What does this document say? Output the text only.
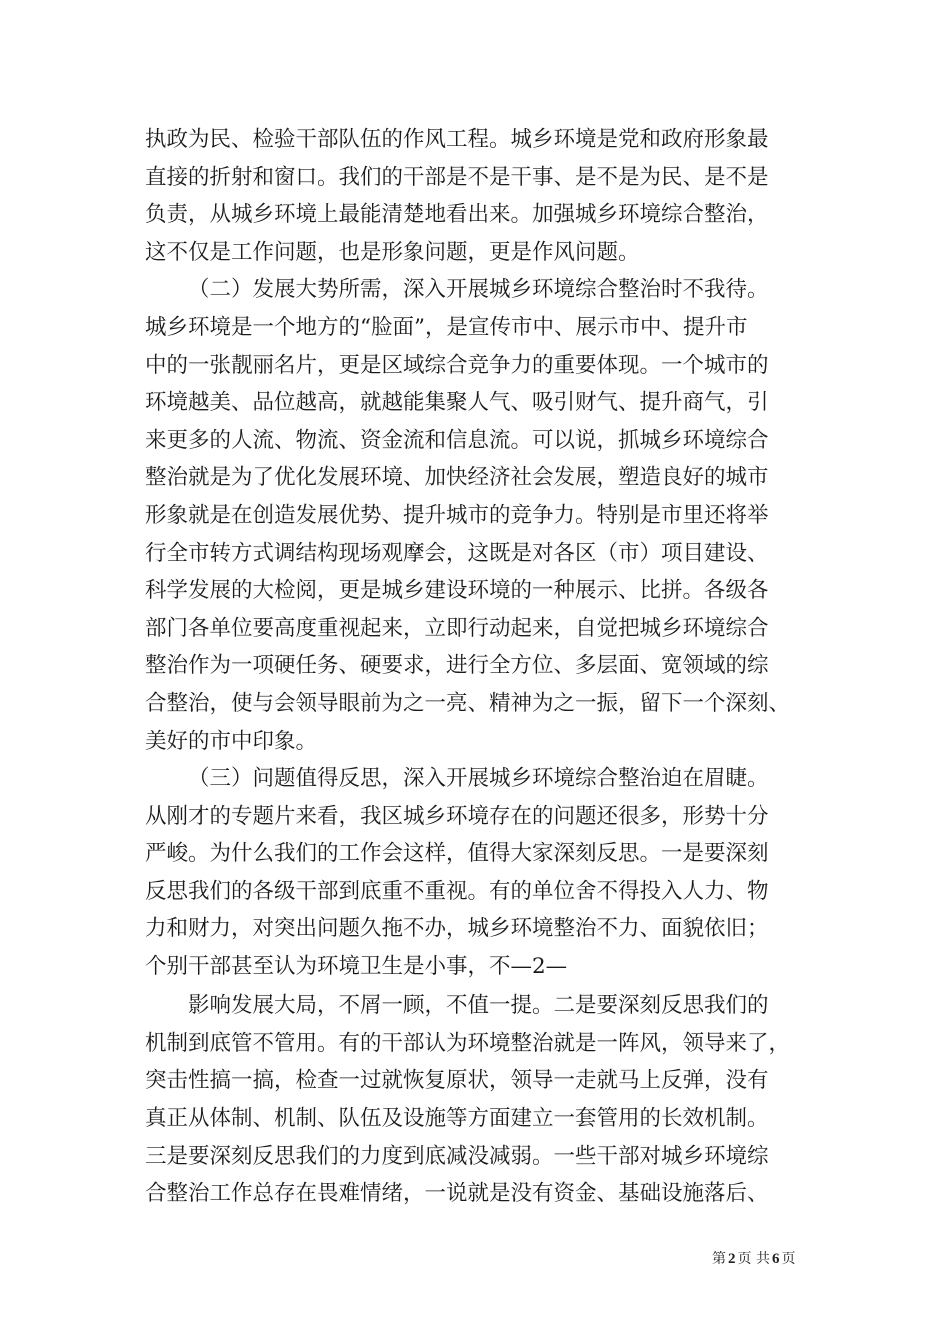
执政为民、检验干部队伍的作风工程。城乡环境是党和政府形象最
直接的折射和窗口。我们的干部是不是干事、是不是为民、是不是
负责，从城乡环境上最能清楚地看出来。加强城乡环境综合整治，
这不仅是工作问题，也是形象问题，更是作风问题。
（二）发展大势所需，深入开展城乡环境综合整治时不我待。
城乡环境是一个地方的“脸面”，是宣传市中、展示市中、提升市
中的一张靓丽名片，更是区域综合竞争力的重要体现。一个城市的
环境越美、品位越高，就越能集聚人气、吸引财气、提升商气，引
来更多的人流、物流、资金流和信息流。可以说，抓城乡环境综合
整治就是为了优化发展环境、加快经济社会发展，塑造良好的城市
形象就是在创造发展优势、提升城市的竞争力。特别是市里还将举
行全市转方式调结构现场观摩会，这既是对各区（市）项目建设、
科学发展的大检阅，更是城乡建设环境的一种展示、比拼。各级各
部门各单位要高度重视起来，立即行动起来，自觉把城乡环境综合
整治作为一项硬任务、硬要求，进行全方位、多层面、宽领域的综
合整治，使与会领导眼前为之一亮、精神为之一振，留下一个深刻、
美好的市中印象。
（三）问题值得反思，深入开展城乡环境综合整治迫在眉睫。
从刚才的专题片来看，我区城乡环境存在的问题还很多，形势十分
严峻。为什么我们的工作会这样，值得大家深刻反思。一是要深刻
反思我们的各级干部到底重不重视。有的单位舍不得投入人力、物
力和财力，对突出问题久拖不办，城乡环境整治不力、面貌依旧；
个别干部甚至认为环境卫生是小事，不—2—
影响发展大局，不屑一顾，不值一提。二是要深刻反思我们的
机制到底管不管用。有的干部认为环境整治就是一阵风，领导来了，
突击性搞一搞，检查一过就恢复原状，领导一走就马上反弹，没有
真正从体制、机制、队伍及设施等方面建立一套管用的长效机制。
三是要深刻反思我们的力度到底减没减弱。一些干部对城乡环境综
合整治工作总存在畏难情绪，一说就是没有资金、基础设施落后、
第 2 页 共 6 页
